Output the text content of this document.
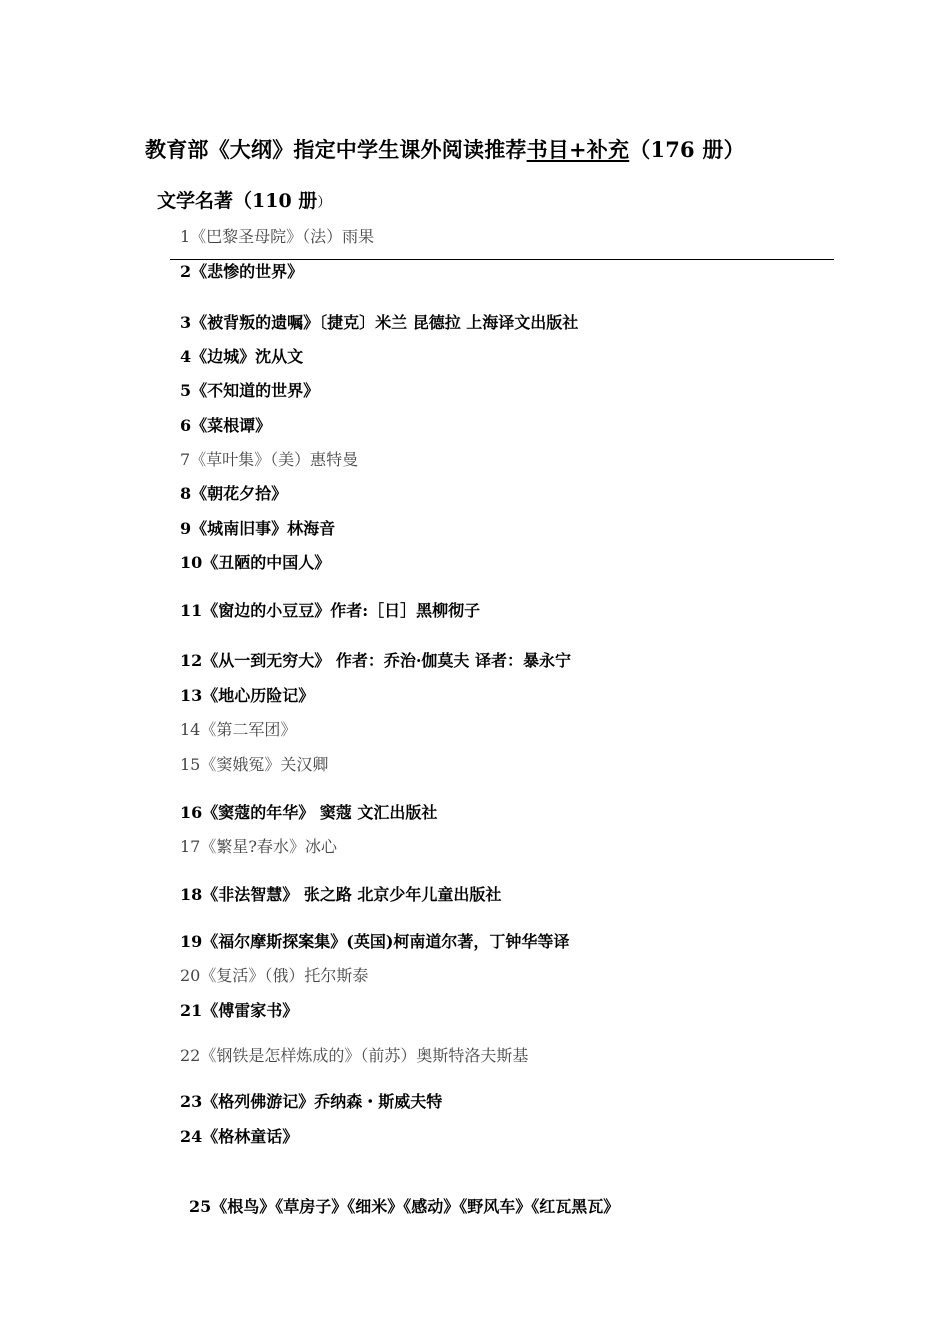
教育部《大纲》指定中学生课外阅读推荐书目+补充（176 册）
文学名著（110 册）
1《巴黎圣母院》（法）雨果
2《悲惨的世界》
3《被背叛的遗嘱》〔捷克〕米兰 昆德拉 上海译文出版社
4《边城》沈从文
5《不知道的世界》
6《菜根谭》
7《草叶集》（美）惠特曼
8《朝花夕拾》
9《城南旧事》林海音
10《丑陋的中国人》
11《窗边的小豆豆》作者:［日］黑柳彻子
12《从一到无穷大》 作者：乔治·伽莫夫 译者：暴永宁
13《地心历险记》
14《第二军团》
15《窦娥冤》关汉卿
16《窦蔻的年华》 窦蔻 文汇出版社
17《繁星?春水》冰心
18《非法智慧》 张之路 北京少年儿童出版社
19《福尔摩斯探案集》(英国)柯南道尔著，丁钟华等译
20《复活》（俄）托尔斯泰
21《傅雷家书》
22《钢铁是怎样炼成的》（前苏）奥斯特洛夫斯基
23《格列佛游记》乔纳森・斯威夫特
24《格林童话》
25《根鸟》《草房子》《细米》《感动》《野风车》《红瓦黑瓦》
